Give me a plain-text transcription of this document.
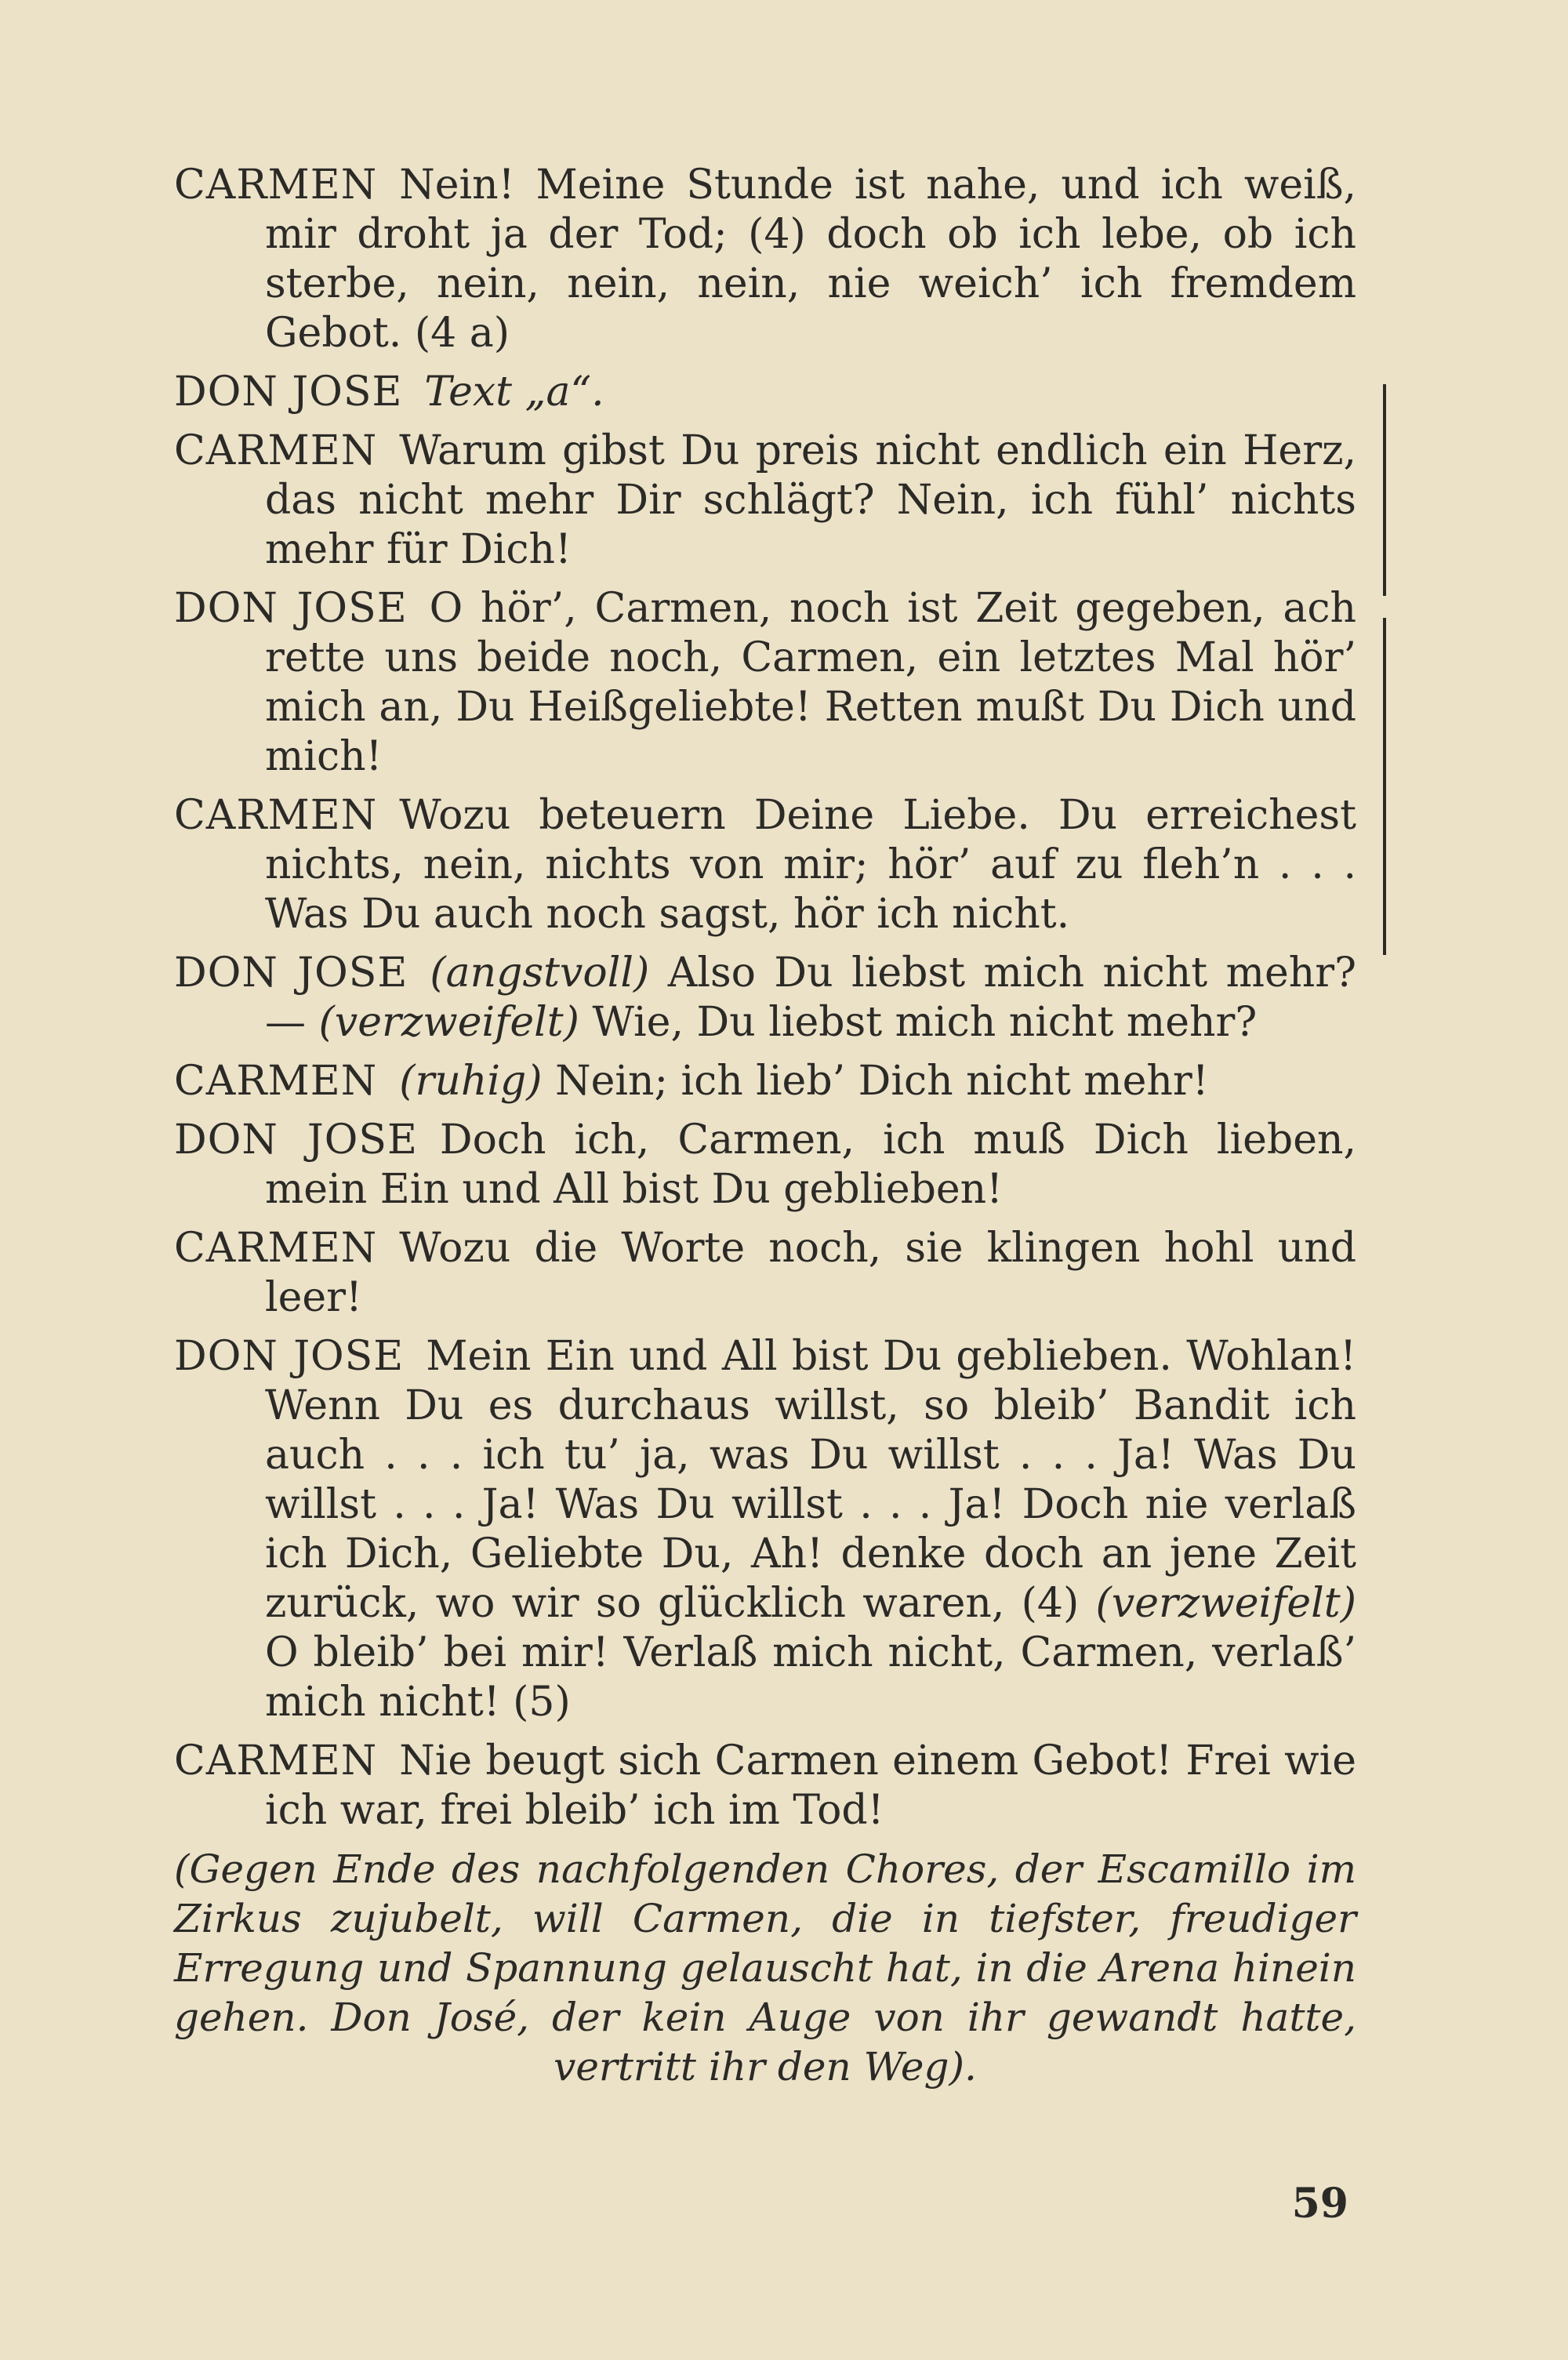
CARMEN Nein! Meine Stunde ist nahe, und ich weiß, mir droht ja der Tod; (4) doch ob ich lebe, ob ich sterbe, nein, nein, nein, nie weich’ ich fremdem Gebot. (4 a)
DON JOSE Text „a“.
CARMEN Warum gibst Du preis nicht endlich ein Herz, das nicht mehr Dir schlägt? Nein, ich fühl’ nichts mehr für Dich!
DON JOSE O hör’, Carmen, noch ist Zeit gegeben, ach rette uns beide noch, Carmen, ein letztes Mal hör’ mich an, Du Heißgeliebte! Retten mußt Du Dich und mich!
CARMEN Wozu beteuern Deine Liebe. Du erreichest nichts, nein, nichts von mir; hör’ auf zu fleh’n . . . Was Du auch noch sagst, hör ich nicht.
DON JOSE (angstvoll) Also Du liebst mich nicht mehr? — (verzweifelt) Wie, Du liebst mich nicht mehr?
CARMEN (ruhig) Nein; ich lieb’ Dich nicht mehr!
DON JOSE Doch ich, Carmen, ich muß Dich lieben, mein Ein und All bist Du geblieben!
CARMEN Wozu die Worte noch, sie klingen hohl und leer!
DON JOSE Mein Ein und All bist Du geblieben. Wohlan! Wenn Du es durchaus willst, so bleib’ Bandit ich auch . . . ich tu’ ja, was Du willst . . . Ja! Was Du willst . . . Ja! Was Du willst . . . Ja! Doch nie verlaß ich Dich, Geliebte Du, Ah! denke doch an jene Zeit zurück, wo wir so glücklich waren, (4) (verzweifelt) O bleib’ bei mir! Verlaß mich nicht, Carmen, verlaß’ mich nicht! (5)
CARMEN Nie beugt sich Carmen einem Gebot! Frei wie ich war, frei bleib’ ich im Tod!
(Gegen Ende des nachfolgenden Chores, der Escamillo im Zirkus zujubelt, will Carmen, die in tiefster, freudiger Erregung und Spannung gelauscht hat, in die Arena hinein gehen. Don José, der kein Auge von ihr gewandt hatte, vertritt ihr den Weg).
59
